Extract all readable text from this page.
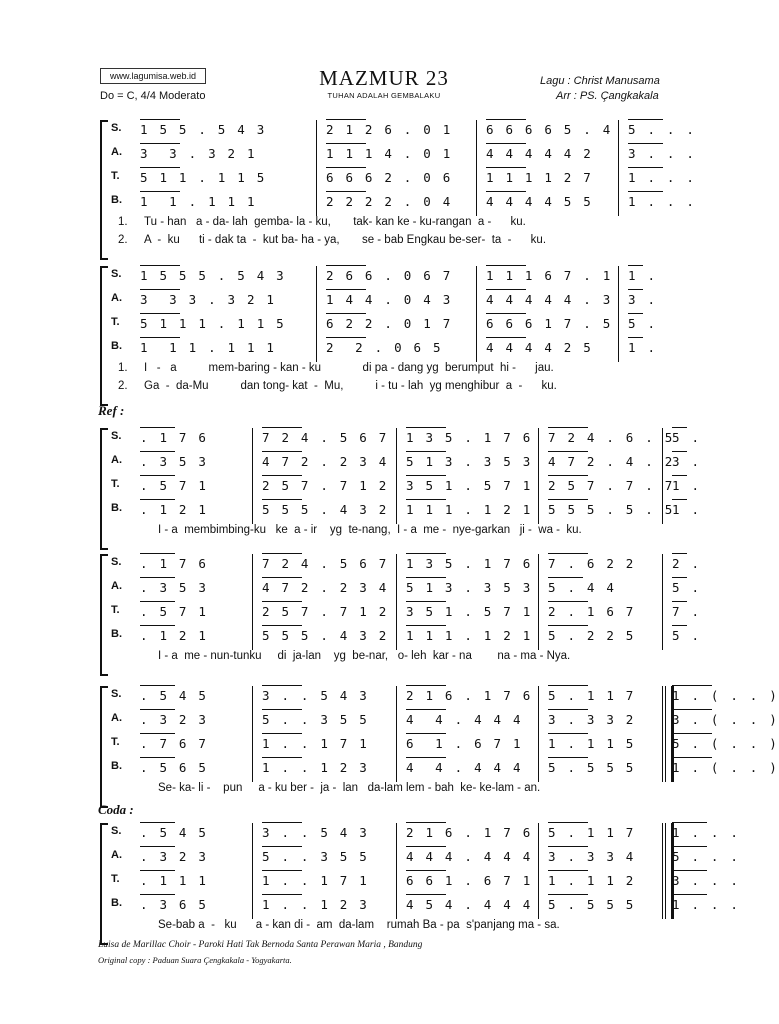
www.lagumisa.web.id
Do = C, 4/4 Moderato
MAZMUR 23
TUHAN ADALAH GEMBALAKU
Lagu : Christ Manusama
Arr : PS. Çangkakala
Ref :
Coda :
S.
A.
T.
B.
1 5 5 . 5 4 3
3  3 . 3 2 1
5 1 1 . 1 1 5
1  1 . 1 1 1
2 1 2 6 . 0 1
1 1 1 4 . 0 1
6 6 6 2 . 0 6
2 2 2 2 . 0 4
6 6 6 6 5 . 4
4 4 4 4 4 2
1 1 1 1 2 7
4 4 4 4 5 5
5 . . .
3 . . .
1 . . .
1 . . .
1. Tu - han   a - da- lah  gemba- la - ku,       tak- kan ke - ku-rangan  a -      ku.
2. A  -  ku      ti - dak ta  -  kut ba- ha - ya,       se - bab Engkau be-ser-  ta  -      ku.
S.
A.
T.
B.
1 5 5 5 . 5 4 3
3  3 3 . 3 2 1
5 1 1 1 . 1 1 5
1  1 1 . 1 1 1
2 6 6 . 0 6 7
1 4 4 . 0 4 3
6 2 2 . 0 1 7
2  2 . 0 6 5
1 1 1 6 7 . 1
4 4 4 4 4 . 3
6 6 6 1 7 . 5
4 4 4 4 2 5
1 .
3 .
5 .
1 .
1. I   -   a          mem-baring - kan - ku             di pa - dang yg  berumput  hi -      jau.
2. Ga  -  da-Mu          dan tong- kat  -  Mu,          i - tu - lah  yg menghibur  a  -      ku.
S.
A.
T.
B.
. 1 7 6
. 3 5 3
. 5 7 1
. 1 2 1
7 2 4 . 5 6 7
4 7 2 . 2 3 4
2 5 7 . 7 1 2
5 5 5 . 4 3 2
1 3 5 . 1 7 6
5 1 3 . 3 5 3
3 5 1 . 5 7 1
1 1 1 . 1 2 1
7 2 4 . 6 . 5
4 7 2 . 4 . 2
2 5 7 . 7 . 7
5 5 5 . 5 . 5
5 .
3 .
1 .
1 .
I - a  membimbing-ku   ke  a - ir    yg  te-nang,  I - a  me -  nye-garkan   ji -  wa -  ku.
S.
A.
T.
B.
. 1 7 6
. 3 5 3
. 5 7 1
. 1 2 1
7 2 4 . 5 6 7
4 7 2 . 2 3 4
2 5 7 . 7 1 2
5 5 5 . 4 3 2
1 3 5 . 1 7 6
5 1 3 . 3 5 3
3 5 1 . 5 7 1
1 1 1 . 1 2 1
7 . 6 2 2
5 . 4 4
2 . 1 6 7
5 . 2 2 5
2 .
5 .
7 .
5 .
I - a  me - nun-tunku     di  ja-lan    yg  be-nar,   o- leh  kar - na        na - ma - Nya.
S.
A.
T.
B.
. 5 4 5
. 3 2 3
. 7 6 7
. 5 6 5
3 . . 5 4 3
5 . . 3 5 5
1 . . 1 7 1
1 . . 1 2 3
2 1 6 . 1 7 6
4  4 . 4 4 4
6  1 . 6 7 1
4  4 . 4 4 4
5 . 1 1 7
3 . 3 3 2
1 . 1 1 5
5 . 5 5 5
1 . ( . . )
3 . ( . . )
5 . ( . . )
1 . ( . . )
Se- ka- li -    pun     a - ku ber -  ja -  lan   da-lam lem - bah  ke- ke-lam - an.
S.
A.
T.
B.
. 5 4 5
. 3 2 3
. 1 1 1
. 3 6 5
3 . . 5 4 3
5 . . 3 5 5
1 . . 1 7 1
1 . . 1 2 3
2 1 6 . 1 7 6
4 4 4 . 4 4 4
6 6 1 . 6 7 1
4 5 4 . 4 4 4
5 . 1 1 7
3 . 3 3 4
1 . 1 1 2
5 . 5 5 5
1 . . .
5 . . .
3 . . .
1 . . .
Se-bab a  -   ku      a - kan di -  am  da-lam    rumah Ba - pa  s'panjang ma - sa.
Luisa de Marillac Choir - Paroki Hati Tak Bernoda Santa Perawan Maria , Bandung
Original copy : Paduan Suara Çengkakala - Yogyakarta.
